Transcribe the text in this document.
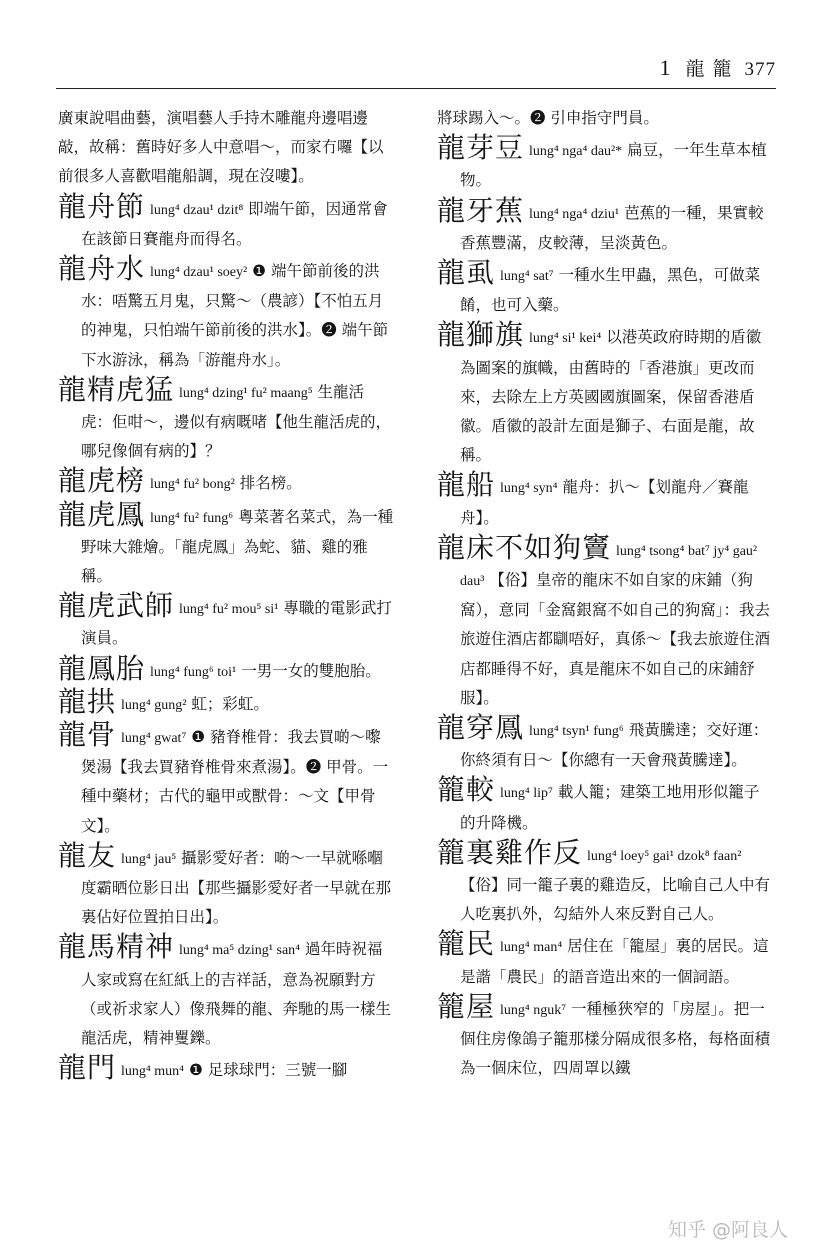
1 龍 籠 377

廣東說唱曲藝，演唱藝人手持木雕龍舟邊唱邊敲，故稱：舊時好多人中意唱～，而家冇囉【以前很多人喜歡唱龍船調，現在沒嘍】。

龍舟節 lung⁴ dzau¹ dzit⁸ 即端午節，因通常會在該節日賽龍舟而得名。

龍舟水 lung⁴ dzau¹ soey² ❶ 端午節前後的洪水：唔驚五月鬼，只驚～（農諺）【不怕五月的神鬼，只怕端午節前後的洪水】。❷ 端午節下水游泳，稱為「游龍舟水」。

龍精虎猛 lung⁴ dzing¹ fu² maang⁵ 生龍活虎：佢咁～，邊似有病嘅啫【他生龍活虎的，哪兒像個有病的】？

龍虎榜 lung⁴ fu² bong² 排名榜。

龍虎鳳 lung⁴ fu² fung⁶ 粵菜著名菜式，為一種野味大雜燴。「龍虎鳳」為蛇、貓、雞的雅稱。

龍虎武師 lung⁴ fu² mou⁵ si¹ 專職的電影武打演員。

龍鳳胎 lung⁴ fung⁶ toi¹ 一男一女的雙胞胎。

龍拱 lung⁴ gung² 虹；彩虹。

龍骨 lung⁴ gwat⁷ ❶ 豬脊椎骨：我去買啲～嚟煲湯【我去買豬脊椎骨來煮湯】。❷ 甲骨。一種中藥材；古代的龜甲或獸骨：～文【甲骨文】。

龍友 lung⁴ jau⁵ 攝影愛好者：啲～一早就喺嗰度霸晒位影日出【那些攝影愛好者一早就在那裏佔好位置拍日出】。

龍馬精神 lung⁴ ma⁵ dzing¹ san⁴ 過年時祝福人家或寫在紅紙上的吉祥話，意為祝願對方（或祈求家人）像飛舞的龍、奔馳的馬一樣生龍活虎，精神矍鑠。

龍門 lung⁴ mun⁴ ❶ 足球球門：三號一腳

將球踢入～。❷ 引申指守門員。

龍芽豆 lung⁴ nga⁴ dau²* 扁豆，一年生草本植物。

龍牙蕉 lung⁴ nga⁴ dziu¹ 芭蕉的一種，果實較香蕉豐滿，皮較薄，呈淡黃色。

龍虱 lung⁴ sat⁷ 一種水生甲蟲，黑色，可做菜餚，也可入藥。

龍獅旗 lung⁴ si¹ kei⁴ 以港英政府時期的盾徽為圖案的旗幟，由舊時的「香港旗」更改而來，去除左上方英國國旗圖案，保留香港盾徽。盾徽的設計左面是獅子、右面是龍，故稱。

龍船 lung⁴ syn⁴ 龍舟：扒～【划龍舟／賽龍舟】。

龍床不如狗竇 lung⁴ tsong⁴ bat⁷ jy⁴ gau² dau³ 【俗】皇帝的龍床不如自家的床鋪（狗窩），意同「金窩銀窩不如自己的狗窩」：我去旅遊住酒店都瞓唔好，真係～【我去旅遊住酒店都睡得不好，真是龍床不如自己的床鋪舒服】。

龍穿鳳 lung⁴ tsyn¹ fung⁶ 飛黃騰達；交好運：你終須有日～【你總有一天會飛黃騰達】。

籠較 lung⁴ lip⁷ 載人籠；建築工地用形似籠子的升降機。

籠裏雞作反 lung⁴ loey⁵ gai¹ dzok⁸ faan² 【俗】同一籠子裏的雞造反，比喻自己人中有人吃裏扒外，勾結外人來反對自己人。

籠民 lung⁴ man⁴ 居住在「籠屋」裏的居民。這是諧「農民」的語音造出來的一個詞語。

籠屋 lung⁴ nguk⁷ 一種極狹窄的「房屋」。把一個住房像鴿子籠那樣分隔成很多格，每格面積為一個床位，四周罩以鐵

知乎 @阿良人
